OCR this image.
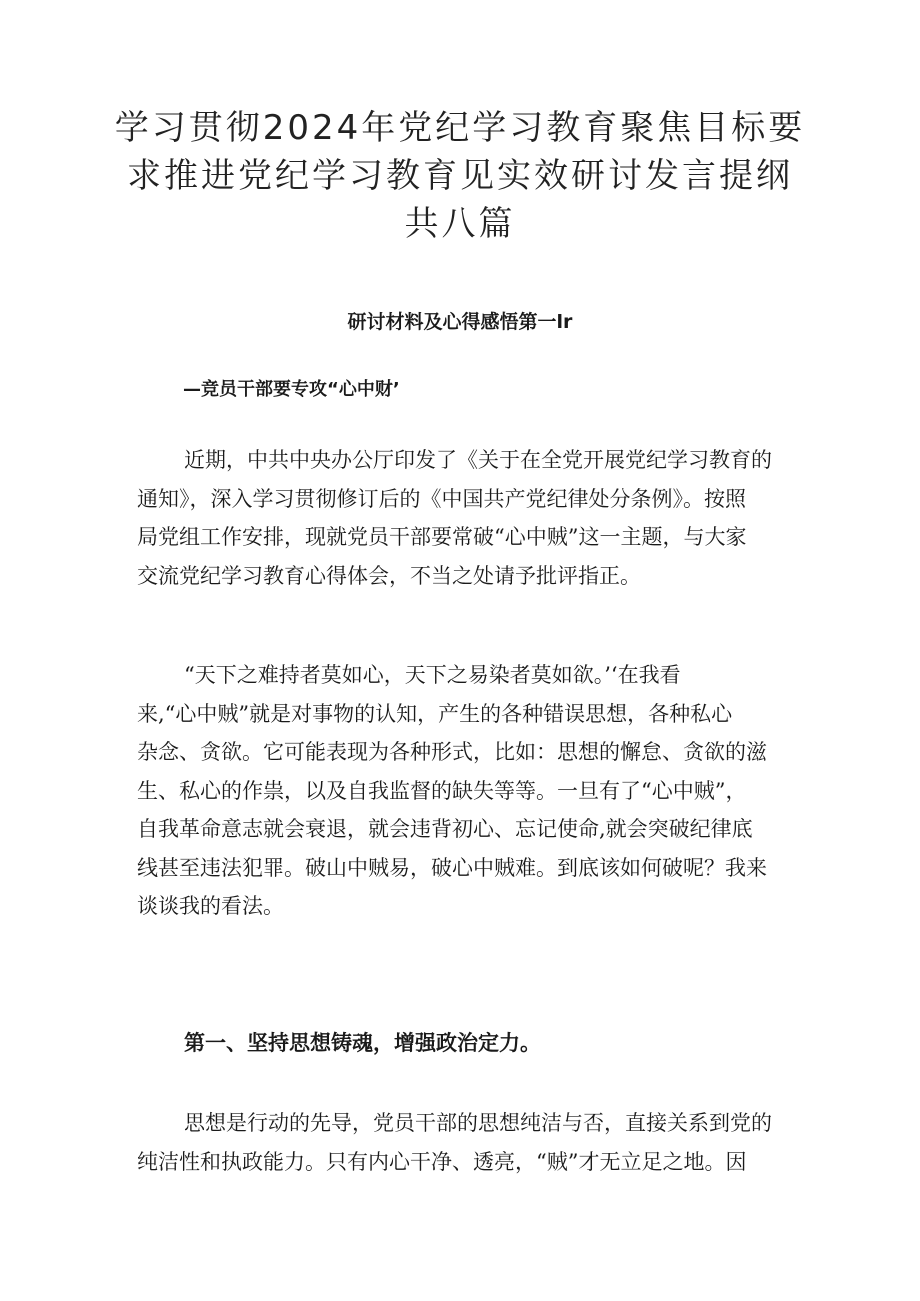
学习贯彻2024年党纪学习教育聚焦目标要
求推进党纪学习教育见实效研讨发言提纲
共八篇
研讨材料及心得感悟第一lr
—竞员干部要专攻“心中财’
近期，中共中央办公厅印发了《关于在全党开展党纪学习教育的
通知》，深入学习贯彻修订后的《中国共产党纪律处分条例》。按照
局党组工作安排，现就党员干部要常破“心中贼”这一主题，与大家
交流党纪学习教育心得体会，不当之处请予批评指正。
“天下之难持者莫如心，天下之易染者莫如欲。’‘在我看
来,“心中贼”就是对事物的认知，产生的各种错误思想，各种私心
杂念、贪欲。它可能表现为各种形式，比如：思想的懈怠、贪欲的滋
生、私心的作祟，以及自我监督的缺失等等。一旦有了“心中贼”，
自我革命意志就会衰退，就会违背初心、忘记使命,就会突破纪律底
线甚至违法犯罪。破山中贼易，破心中贼难。到底该如何破呢？我来
谈谈我的看法。
第一、坚持思想铸魂，增强政治定力。
思想是行动的先导，党员干部的思想纯洁与否，直接关系到党的
纯洁性和执政能力。只有内心干净、透亮，“贼”才无立足之地。因
